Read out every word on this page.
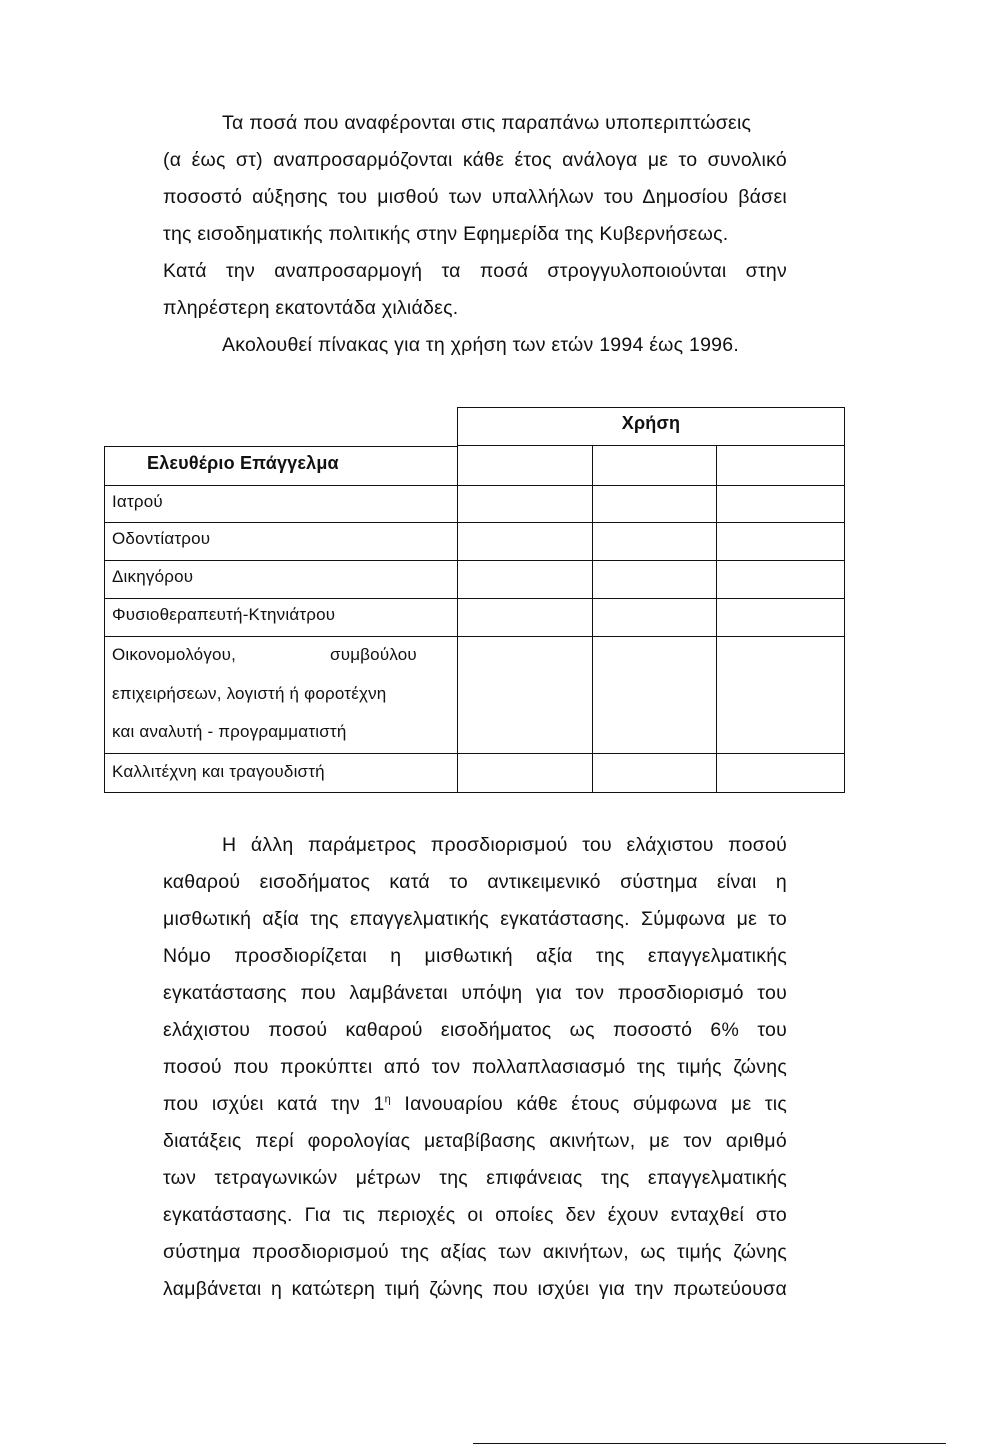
Τα ποσά που αναφέρονται στις παραπάνω υποπεριπτώσεις
(α έως στ) αναπροσαρμόζονται κάθε έτος ανάλογα με το συνολικό
ποσοστό αύξησης του μισθού των υπαλλήλων του Δημοσίου βάσει
της εισοδηματικής πολιτικής στην Εφημερίδα της Κυβερνήσεως.
Κατά την αναπροσαρμογή τα ποσά στρογγυλοποιούνται στην
πληρέστερη εκατοντάδα χιλιάδες.
Ακολουθεί πίνακας για τη χρήση των ετών 1994 έως 1996.
Χρήση
Ελευθέριο Επάγγελμα
Ιατρού
Οδοντίατρου
Δικηγόρου
Φυσιοθεραπευτή-Κτηνιάτρου
Οικονομολόγου,	συμβούλου
επιχειρήσεων, λογιστή ή φοροτέχνη
και αναλυτή - προγραμματιστή
Καλλιτέχνη και τραγουδιστή
Η άλλη παράμετρος προσδιορισμού του ελάχιστου ποσού
καθαρού εισοδήματος κατά το αντικειμενικό σύστημα είναι η
μισθωτική αξία της επαγγελματικής εγκατάστασης. Σύμφωνα με το
Νόμο προσδιορίζεται η μισθωτική αξία της επαγγελματικής
εγκατάστασης που λαμβάνεται υπόψη για τον προσδιορισμό του
ελάχιστου ποσού καθαρού εισοδήματος ως ποσοστό 6% του
ποσού που προκύπτει από τον πολλαπλασιασμό της τιμής ζώνης
που ισχύει κατά την $1^\eta$ Ιανουαρίου κάθε έτους σύμφωνα με τις
διατάξεις περί φορολογίας μεταβίβασης ακινήτων, με τον αριθμό
των τετραγωνικών μέτρων της επιφάνειας της επαγγελματικής
εγκατάστασης. Για τις περιοχές οι οποίες δεν έχουν ενταχθεί στο
σύστημα προσδιορισμού της αξίας των ακινήτων, ως τιμής ζώνης
λαμβάνεται η κατώτερη τιμή ζώνης που ισχύει για την πρωτεύουσα
